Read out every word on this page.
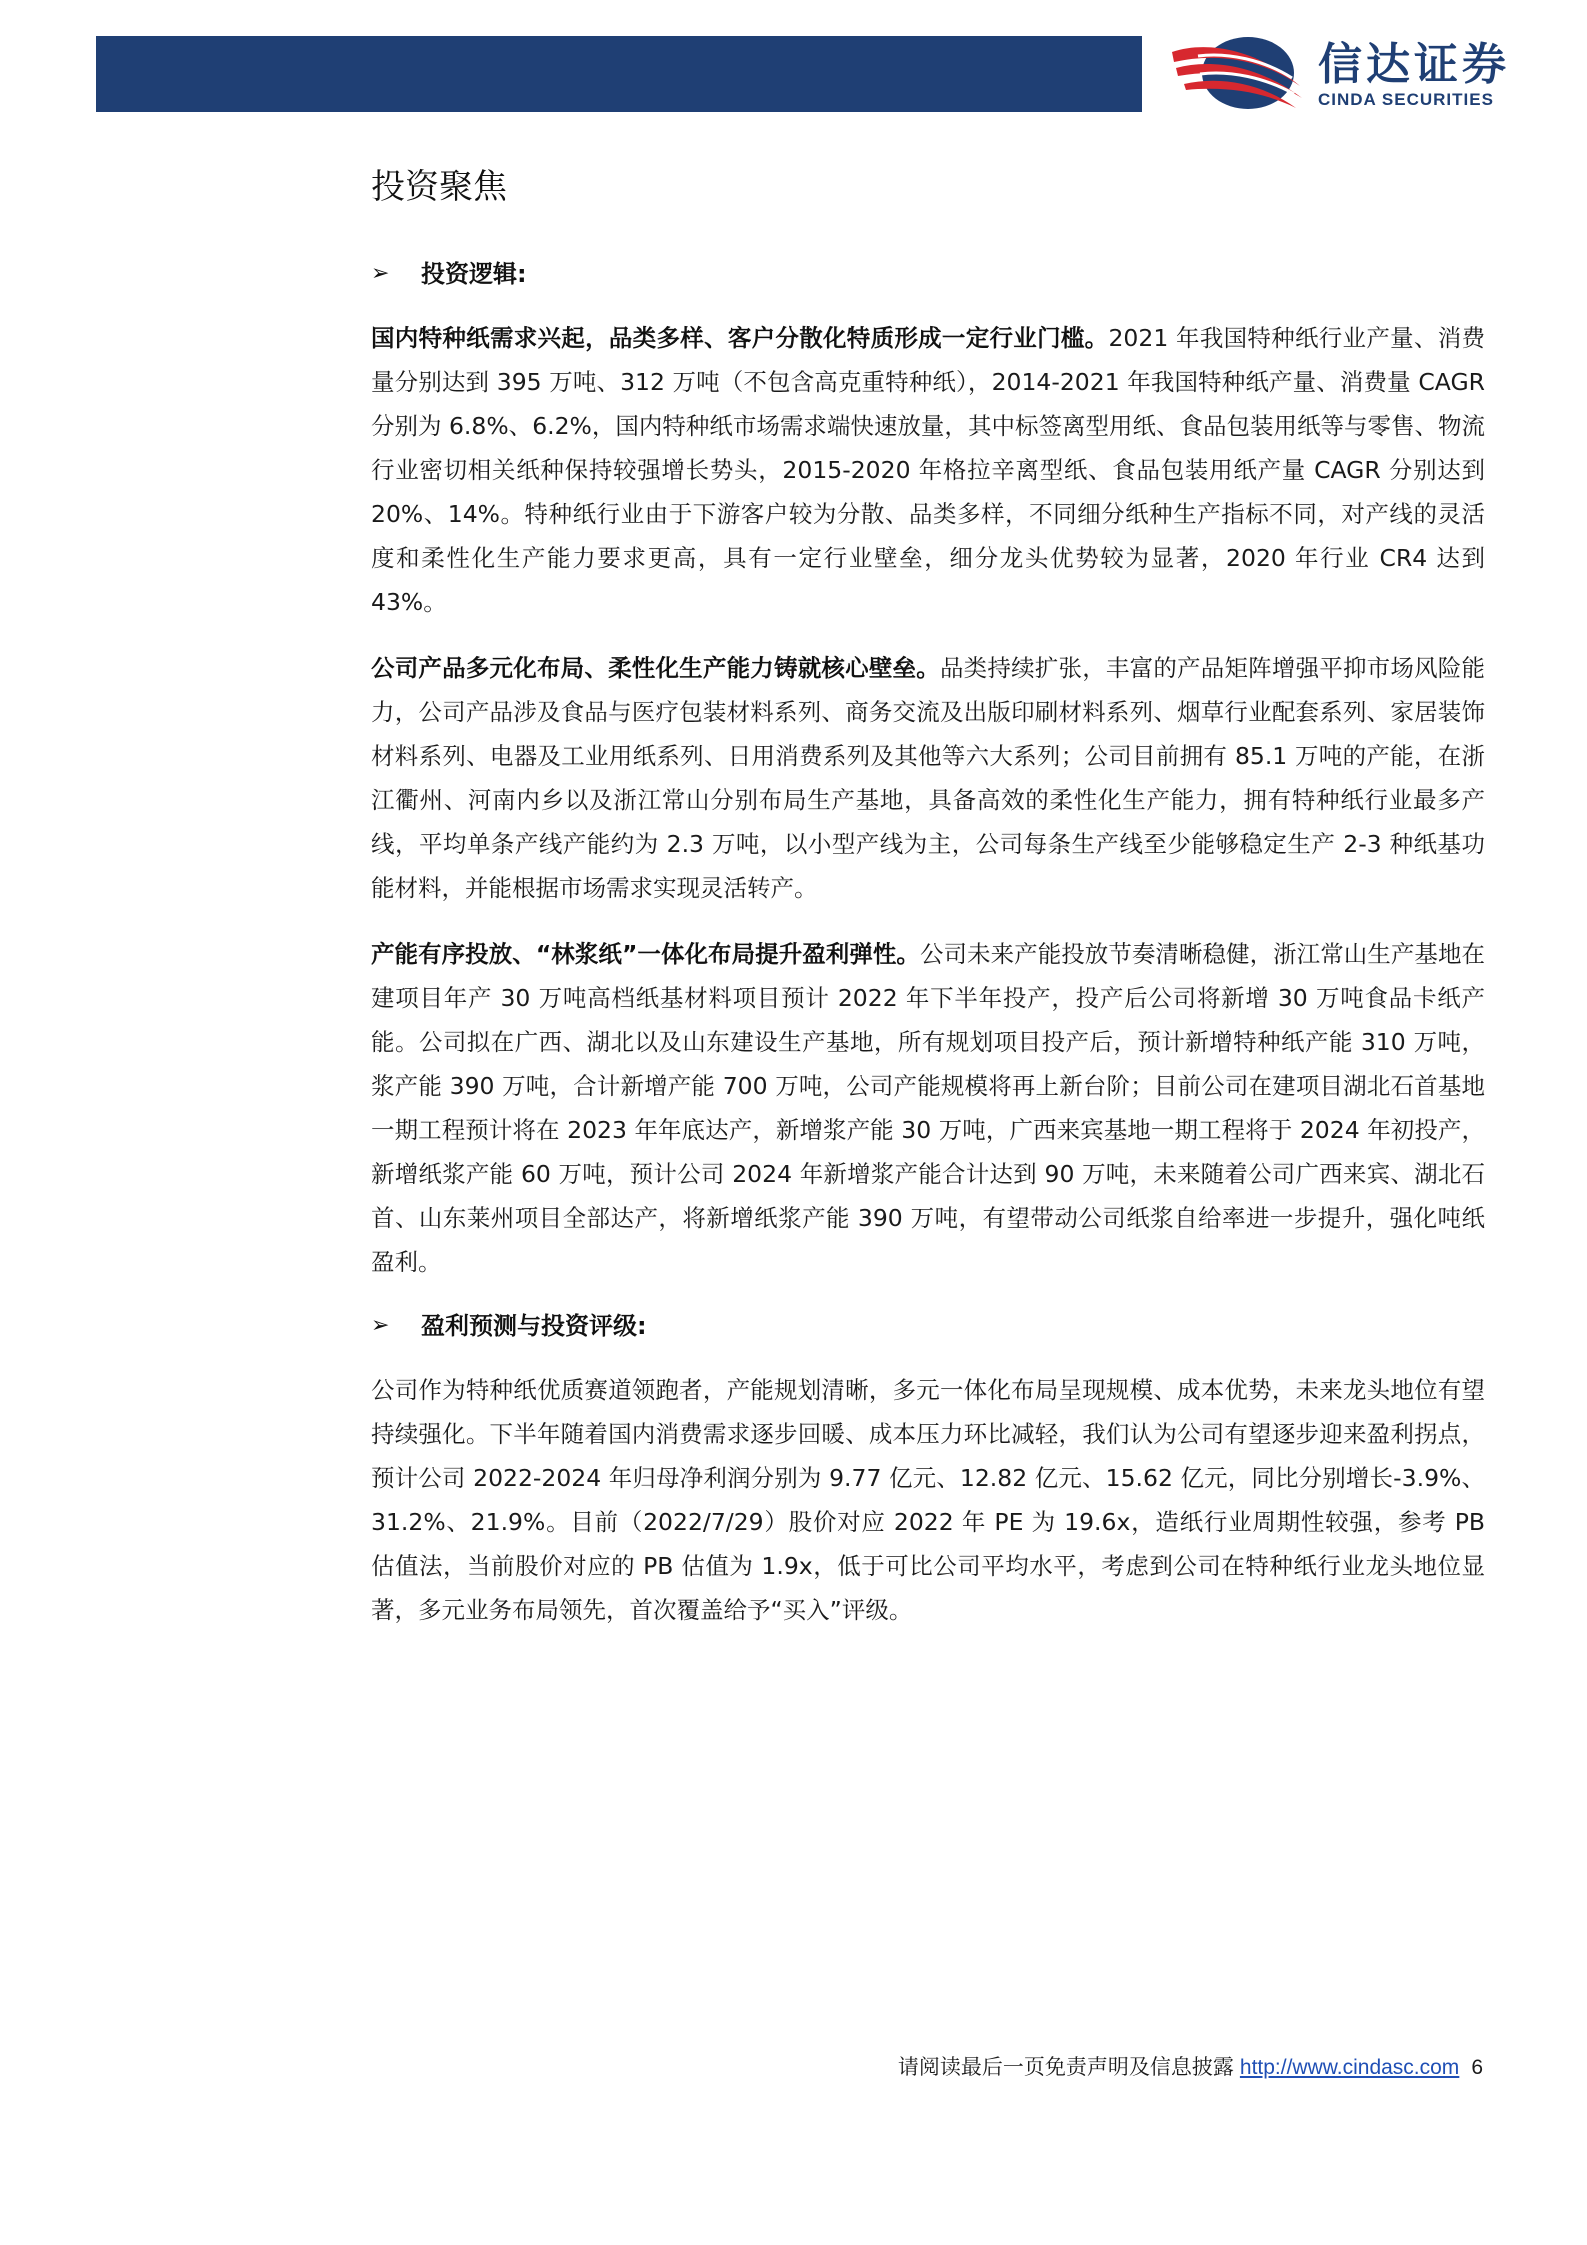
信达证券
CINDA SECURITIES
投资聚焦
➢	投资逻辑:

国内特种纸需求兴起，品类多样、客户分散化特质形成一定行业门槛。2021 年我国特种纸行业产量、消费量分别达到 395 万吨、312 万吨（不包含高克重特种纸），2014-2021 年我国特种纸产量、消费量 CAGR 分别为 6.8%、6.2%，国内特种纸市场需求端快速放量，其中标签离型用纸、食品包装用纸等与零售、物流行业密切相关纸种保持较强增长势头，2015-2020 年格拉辛离型纸、食品包装用纸产量 CAGR 分别达到 20%、14%。特种纸行业由于下游客户较为分散、品类多样，不同细分纸种生产指标不同，对产线的灵活度和柔性化生产能力要求更高，具有一定行业壁垒，细分龙头优势较为显著，2020 年行业 CR4 达到 43%。

公司产品多元化布局、柔性化生产能力铸就核心壁垒。品类持续扩张，丰富的产品矩阵增强平抑市场风险能力，公司产品涉及食品与医疗包装材料系列、商务交流及出版印刷材料系列、烟草行业配套系列、家居装饰材料系列、电器及工业用纸系列、日用消费系列及其他等六大系列；公司目前拥有 85.1 万吨的产能，在浙江衢州、河南内乡以及浙江常山分别布局生产基地，具备高效的柔性化生产能力，拥有特种纸行业最多产线，平均单条产线产能约为 2.3 万吨，以小型产线为主，公司每条生产线至少能够稳定生产 2-3 种纸基功能材料，并能根据市场需求实现灵活转产。

产能有序投放、“林浆纸”一体化布局提升盈利弹性。公司未来产能投放节奏清晰稳健，浙江常山生产基地在建项目年产 30 万吨高档纸基材料项目预计 2022 年下半年投产，投产后公司将新增 30 万吨食品卡纸产能。公司拟在广西、湖北以及山东建设生产基地，所有规划项目投产后，预计新增特种纸产能 310 万吨，浆产能 390 万吨，合计新增产能 700 万吨，公司产能规模将再上新台阶；目前公司在建项目湖北石首基地一期工程预计将在 2023 年年底达产，新增浆产能 30 万吨，广西来宾基地一期工程将于 2024 年初投产，新增纸浆产能 60 万吨，预计公司 2024 年新增浆产能合计达到 90 万吨，未来随着公司广西来宾、湖北石首、山东莱州项目全部达产，将新增纸浆产能 390 万吨，有望带动公司纸浆自给率进一步提升，强化吨纸盈利。

➢	盈利预测与投资评级:

公司作为特种纸优质赛道领跑者，产能规划清晰，多元一体化布局呈现规模、成本优势，未来龙头地位有望持续强化。下半年随着国内消费需求逐步回暖、成本压力环比减轻，我们认为公司有望逐步迎来盈利拐点，预计公司 2022-2024 年归母净利润分别为 9.77 亿元、12.82 亿元、15.62 亿元，同比分别增长-3.9%、31.2%、21.9%。目前（2022/7/29）股价对应 2022 年 PE 为 19.6x，造纸行业周期性较强，参考 PB 估值法，当前股价对应的 PB 估值为 1.9x，低于可比公司平均水平，考虑到公司在特种纸行业龙头地位显著，多元业务布局领先，首次覆盖给予“买入”评级。

请阅读最后一页免责声明及信息披露 http://www.cindasc.com 6
